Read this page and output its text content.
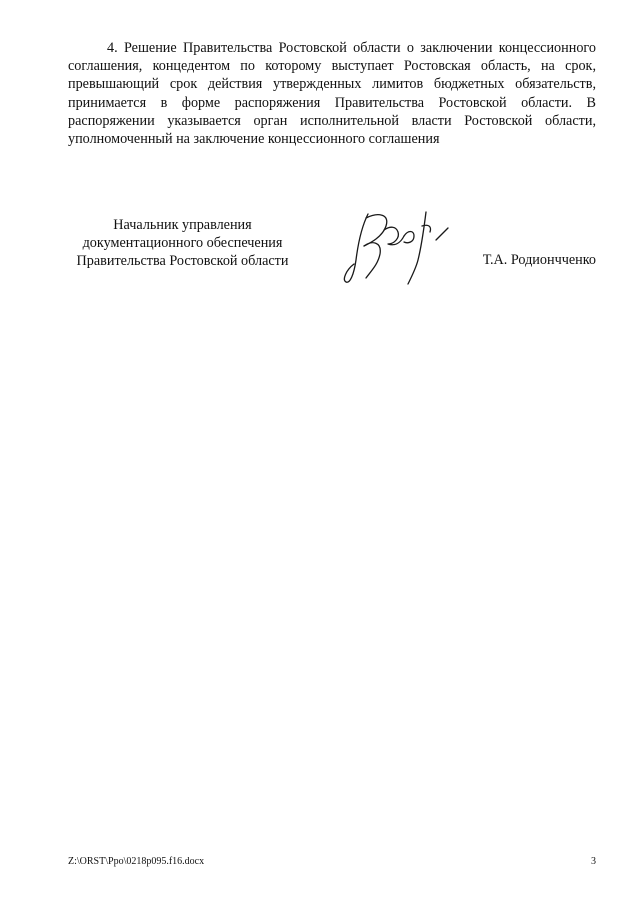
4. Решение Правительства Ростовской области о заключении концессионного соглашения, концедентом по которому выступает Ростовская область, на срок, превышающий срок действия утвержденных лимитов бюджетных обязательств, принимается в форме распоряжения Правительства Ростовской области. В распоряжении указывается орган исполнительной власти Ростовской области, уполномоченный на заключение концессионного соглашения

Начальник управления
документационного обеспечения
Правительства Ростовской области	Т.А. Родиончченко
Z:\ORST\Ppo\0218p095.f16.docx	3
